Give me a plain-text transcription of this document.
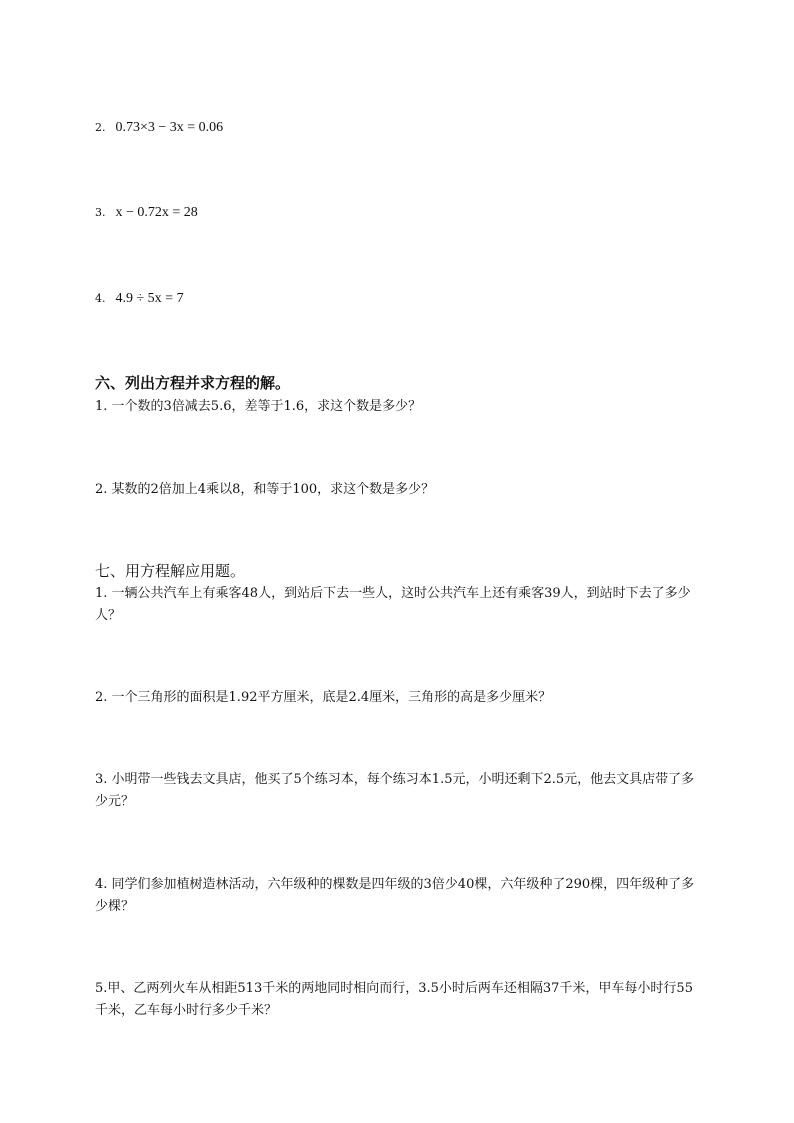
2. 0.73×3 − 3x = 0.06
3. x − 0.72x = 28
4. 4.9 ÷ 5x = 7
六、列出方程并求方程的解。
1. 一个数的3倍减去5.6，差等于1.6，求这个数是多少？
2. 某数的2倍加上4乘以8，和等于100，求这个数是多少？
七、用方程解应用题。
1. 一辆公共汽车上有乘客48人，到站后下去一些人，这时公共汽车上还有乘客39人，到站时下去了多少人？
2. 一个三角形的面积是1.92平方厘米，底是2.4厘米，三角形的高是多少厘米？
3. 小明带一些钱去文具店，他买了5个练习本，每个练习本1.5元，小明还剩下2.5元，他去文具店带了多少元？
4. 同学们参加植树造林活动，六年级种的棵数是四年级的3倍少40棵，六年级种了290棵，四年级种了多少棵？
5.甲、乙两列火车从相距513千米的两地同时相向而行，3.5小时后两车还相隔37千米，甲车每小时行55千米，乙车每小时行多少千米？
